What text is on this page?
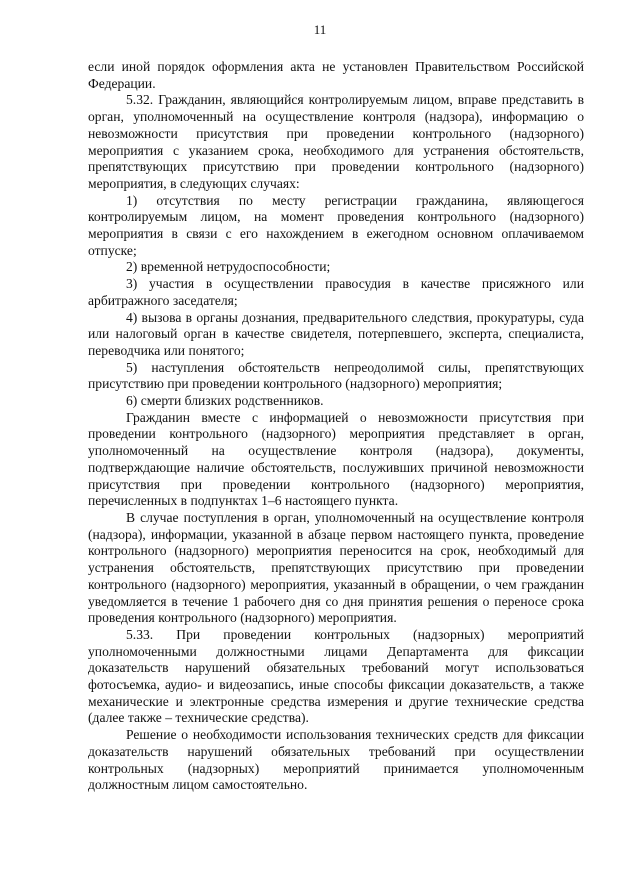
11

если иной порядок оформления акта не установлен Правительством Российской Федерации.

5.32. Гражданин, являющийся контролируемым лицом, вправе представить в орган, уполномоченный на осуществление контроля (надзора), информацию о невозможности присутствия при проведении контрольного (надзорного) мероприятия с указанием срока, необходимого для устранения обстоятельств, препятствующих присутствию при проведении контрольного (надзорного) мероприятия, в следующих случаях:

1) отсутствия по месту регистрации гражданина, являющегося контролируемым лицом, на момент проведения контрольного (надзорного) мероприятия в связи с его нахождением в ежегодном основном оплачиваемом отпуске;

2) временной нетрудоспособности;

3) участия в осуществлении правосудия в качестве присяжного или арбитражного заседателя;

4) вызова в органы дознания, предварительного следствия, прокуратуры, суда или налоговый орган в качестве свидетеля, потерпевшего, эксперта, специалиста, переводчика или понятого;

5) наступления обстоятельств непреодолимой силы, препятствующих присутствию при проведении контрольного (надзорного) мероприятия;

6) смерти близких родственников.

Гражданин вместе с информацией о невозможности присутствия при проведении контрольного (надзорного) мероприятия представляет в орган, уполномоченный на осуществление контроля (надзора), документы, подтверждающие наличие обстоятельств, послуживших причиной невозможности присутствия при проведении контрольного (надзорного) мероприятия, перечисленных в подпунктах 1–6 настоящего пункта.

В случае поступления в орган, уполномоченный на осуществление контроля (надзора), информации, указанной в абзаце первом настоящего пункта, проведение контрольного (надзорного) мероприятия переносится на срок, необходимый для устранения обстоятельств, препятствующих присутствию при проведении контрольного (надзорного) мероприятия, указанный в обращении, о чем гражданин уведомляется в течение 1 рабочего дня со дня принятия решения о переносе срока проведения контрольного (надзорного) мероприятия.

5.33. При проведении контрольных (надзорных) мероприятий уполномоченными должностными лицами Департамента для фиксации доказательств нарушений обязательных требований могут использоваться фотосъемка, аудио- и видеозапись, иные способы фиксации доказательств, а также механические и электронные средства измерения и другие технические средства (далее также – технические средства).

Решение о необходимости использования технических средств для фиксации доказательств нарушений обязательных требований при осуществлении контрольных (надзорных) мероприятий принимается уполномоченным должностным лицом самостоятельно.
